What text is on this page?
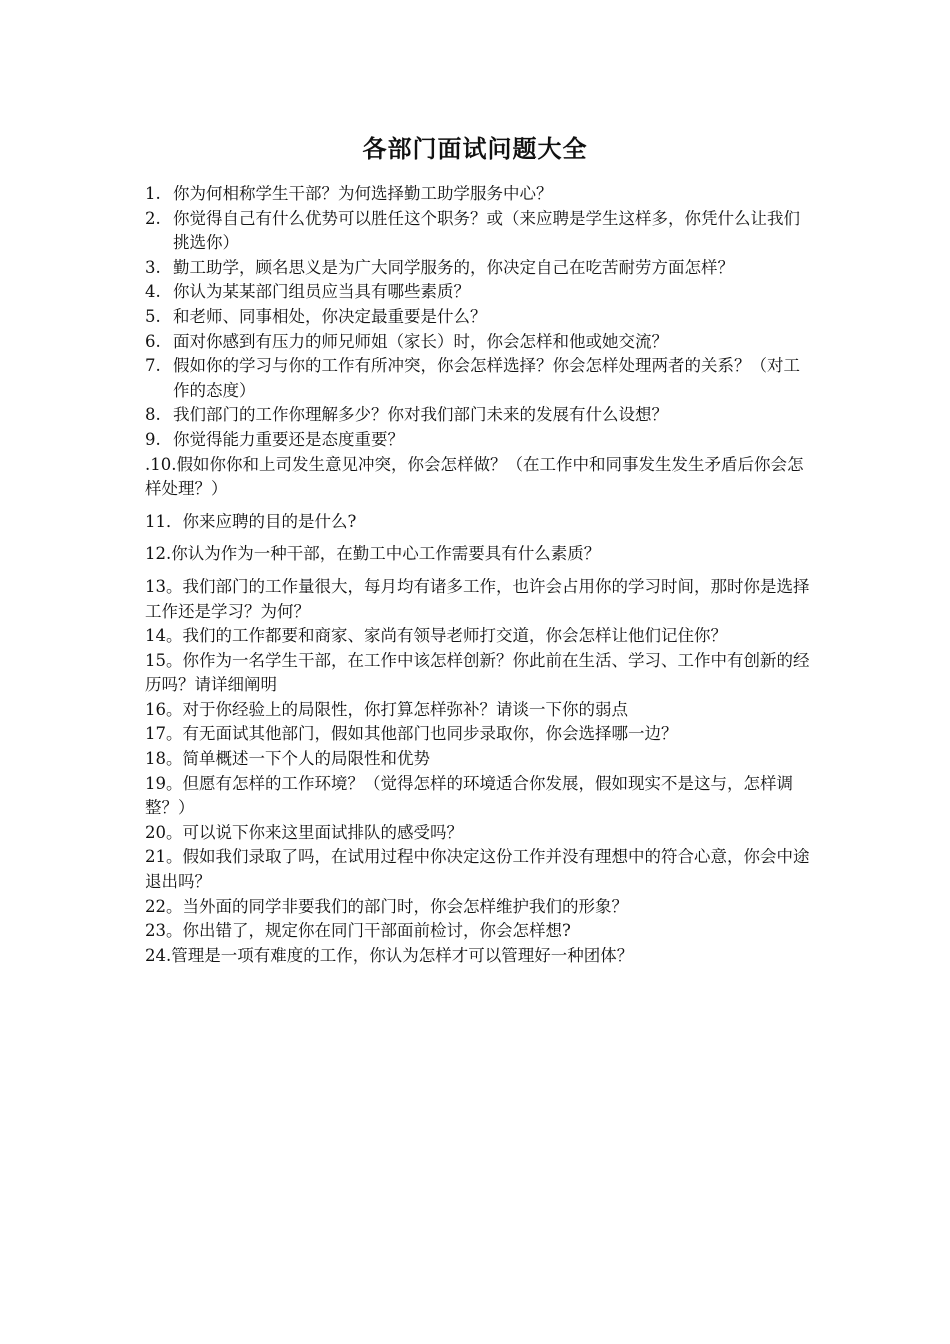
各部门面试问题大全

1. 你为何相称学生干部？为何选择勤工助学服务中心？

2. 你觉得自己有什么优势可以胜任这个职务？或（来应聘是学生这样多，你凭什么让我们挑选你）

3. 勤工助学，顾名思义是为广大同学服务的，你决定自己在吃苦耐劳方面怎样？

4. 你认为某某部门组员应当具有哪些素质？

5. 和老师、同事相处，你决定最重要是什么？

6. 面对你感到有压力的师兄师姐（家长）时，你会怎样和他或她交流？

7. 假如你的学习与你的工作有所冲突，你会怎样选择？你会怎样处理两者的关系？（对工作的态度）

8. 我们部门的工作你理解多少？你对我们部门未来的发展有什么设想？

9. 你觉得能力重要还是态度重要？

.10.假如你你和上司发生意见冲突，你会怎样做？（在工作中和同事发生发生矛盾后你会怎样处理？）

11．你来应聘的目的是什么?

12.你认为作为一种干部，在勤工中心工作需要具有什么素质？

13。我们部门的工作量很大，每月均有诸多工作，也许会占用你的学习时间，那时你是选择工作还是学习？为何？

14。我们的工作都要和商家、家尚有领导老师打交道，你会怎样让他们记住你？

15。你作为一名学生干部，在工作中该怎样创新？你此前在生活、学习、工作中有创新的经历吗？请详细阐明

16。对于你经验上的局限性，你打算怎样弥补？请谈一下你的弱点

17。有无面试其他部门，假如其他部门也同步录取你，你会选择哪一边？

18。简单概述一下个人的局限性和优势

19。但愿有怎样的工作环境？（觉得怎样的环境适合你发展，假如现实不是这与，怎样调整？）

20。可以说下你来这里面试排队的感受吗？

21。假如我们录取了吗，在试用过程中你决定这份工作并没有理想中的符合心意，你会中途退出吗？

22。当外面的同学非要我们的部门时，你会怎样维护我们的形象？

23。你出错了，规定你在同门干部面前检讨，你会怎样想?

24.管理是一项有难度的工作，你认为怎样才可以管理好一种团体？
